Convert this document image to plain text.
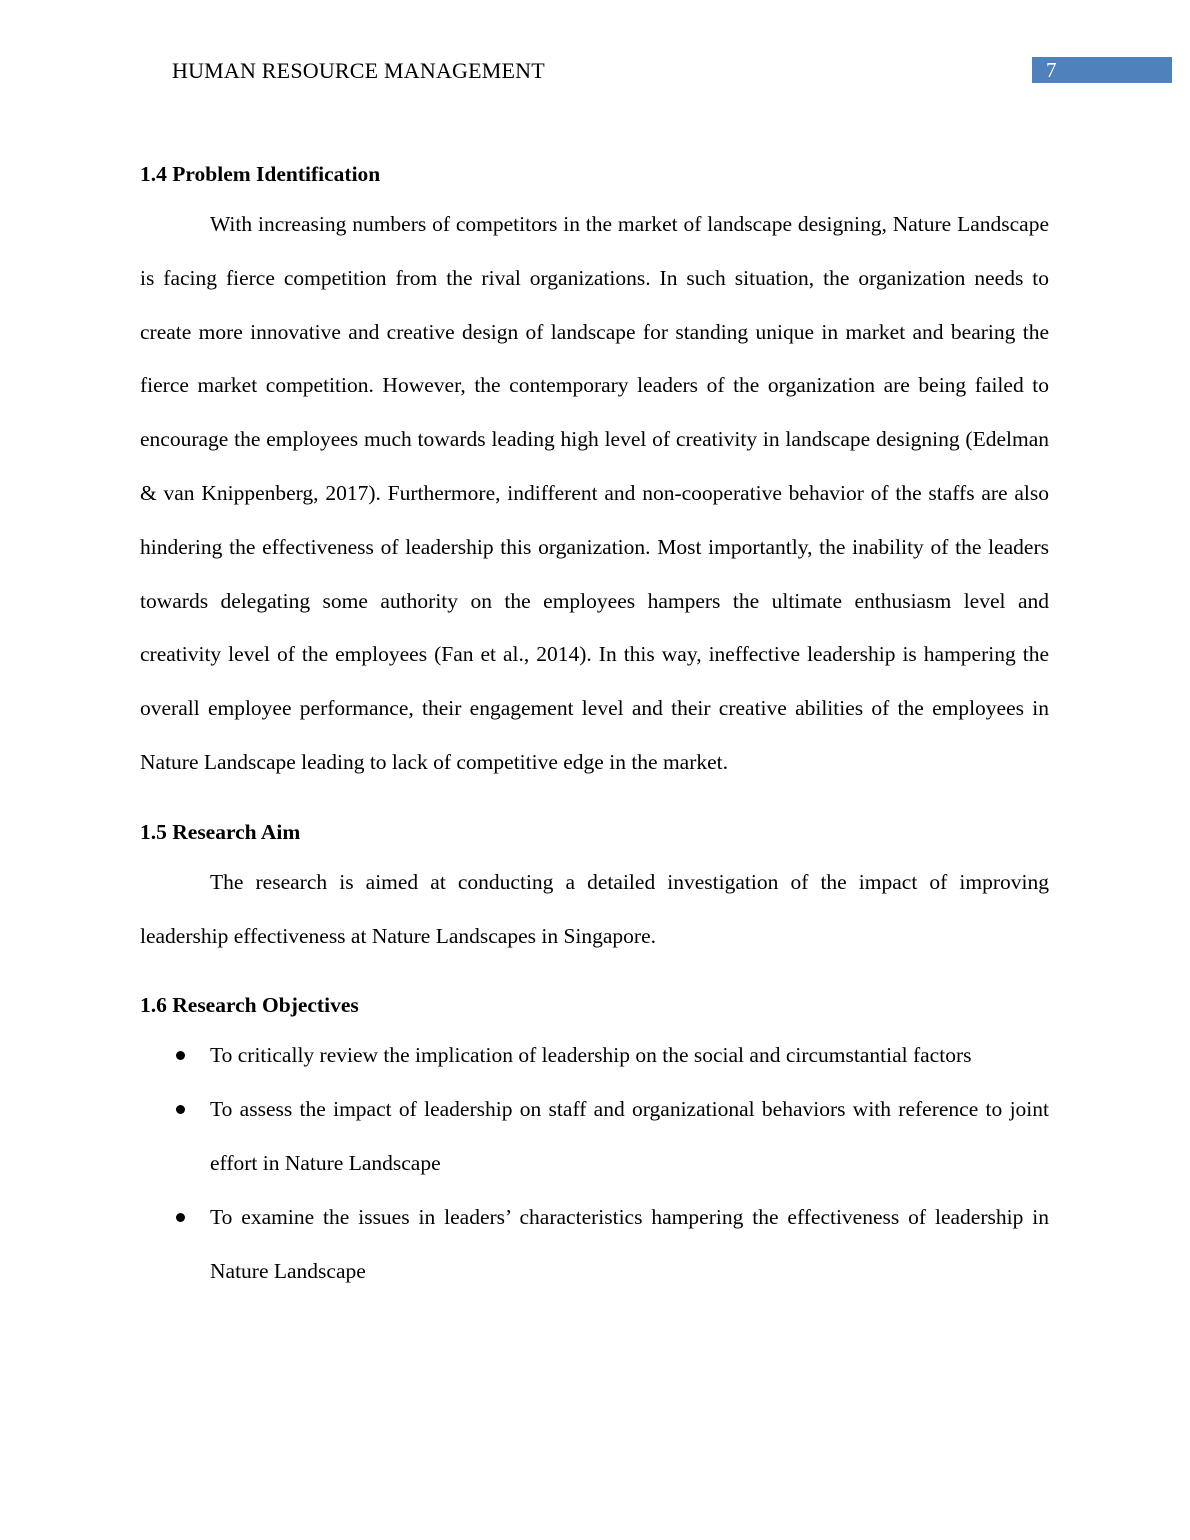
HUMAN RESOURCE MANAGEMENT	7
1.4 Problem Identification

With increasing numbers of competitors in the market of landscape designing, Nature Landscape is facing fierce competition from the rival organizations. In such situation, the organization needs to create more innovative and creative design of landscape for standing unique in market and bearing the fierce market competition. However, the contemporary leaders of the organization are being failed to encourage the employees much towards leading high level of creativity in landscape designing (Edelman & van Knippenberg, 2017). Furthermore, indifferent and non-cooperative behavior of the staffs are also hindering the effectiveness of leadership this organization. Most importantly, the inability of the leaders towards delegating some authority on the employees hampers the ultimate enthusiasm level and creativity level of the employees (Fan et al., 2014). In this way, ineffective leadership is hampering the overall employee performance, their engagement level and their creative abilities of the employees in Nature Landscape leading to lack of competitive edge in the market.

1.5 Research Aim

The research is aimed at conducting a detailed investigation of the impact of improving leadership effectiveness at Nature Landscapes in Singapore.

1.6 Research Objectives
To critically review the implication of leadership on the social and circumstantial factors
To assess the impact of leadership on staff and organizational behaviors with reference to joint effort in Nature Landscape
To examine the issues in leaders’ characteristics hampering the effectiveness of leadership in Nature Landscape
